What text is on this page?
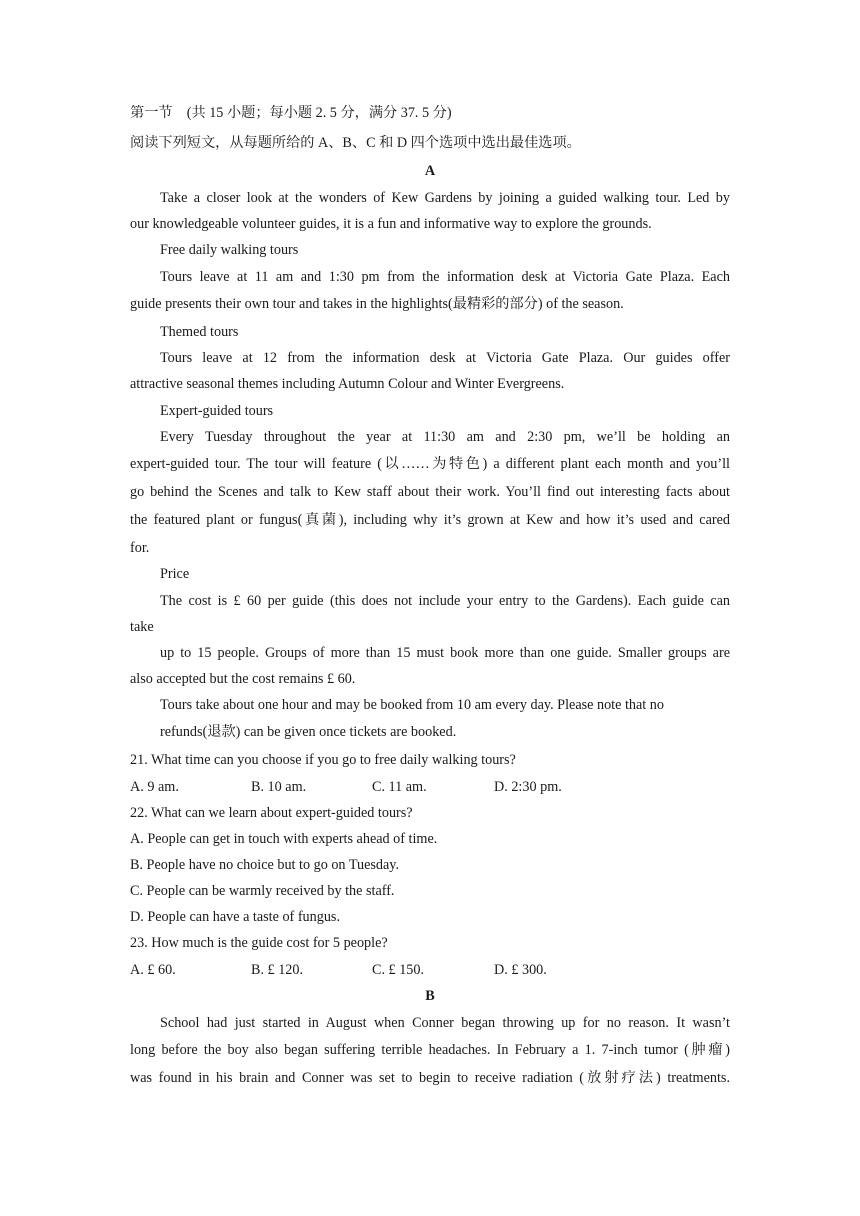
第一节　(共 15 小题；每小题 2. 5 分，满分 37. 5 分)
阅读下列短文，从每题所给的 A、B、C 和 D 四个选项中选出最佳选项。
A
Take a closer look at the wonders of Kew Gardens by joining a guided walking tour. Led by
our knowledgeable volunteer guides, it is a fun and informative way to explore the grounds.
Free daily walking tours
Tours leave at 11 am and 1:30 pm from the information desk at Victoria Gate Plaza. Each
guide presents their own tour and takes in the highlights(最精彩的部分) of the season.
Themed tours
Tours leave at 12 from the information desk at Victoria Gate Plaza. Our guides offer
attractive seasonal themes including Autumn Colour and Winter Evergreens.
Expert-guided tours
Every Tuesday throughout the year at 11:30 am and 2:30 pm, we’ll be holding an
expert-guided tour. The tour will feature (以……为特色) a different plant each month and you’ll
go behind the Scenes and talk to Kew staff about their work. You’ll find out interesting facts about
the featured plant or fungus(真菌), including why it’s grown at Kew and how it’s used and cared
for.
Price
The cost is £ 60 per guide (this does not include your entry to the Gardens). Each guide can
take
up to 15 people. Groups of more than 15 must book more than one guide. Smaller groups are
also accepted but the cost remains £ 60.
Tours take about one hour and may be booked from 10 am every day. Please note that no
refunds(退款) can be given once tickets are booked.
21. What time can you choose if you go to free daily walking tours?
A. 9 am.	B. 10 am.	C. 11 am.	D. 2:30 pm.
22. What can we learn about expert-guided tours?
A. People can get in touch with experts ahead of time.
B. People have no choice but to go on Tuesday.
C. People can be warmly received by the staff.
D. People can have a taste of fungus.
23. How much is the guide cost for 5 people?
A. £ 60.	B. £ 120.	C. £ 150.	D. £ 300.
B
School had just started in August when Conner began throwing up for no reason. It wasn’t
long before the boy also began suffering terrible headaches. In February a 1. 7-inch tumor (肿瘤)
was found in his brain and Conner was set to begin to receive radiation (放射疗法) treatments.
